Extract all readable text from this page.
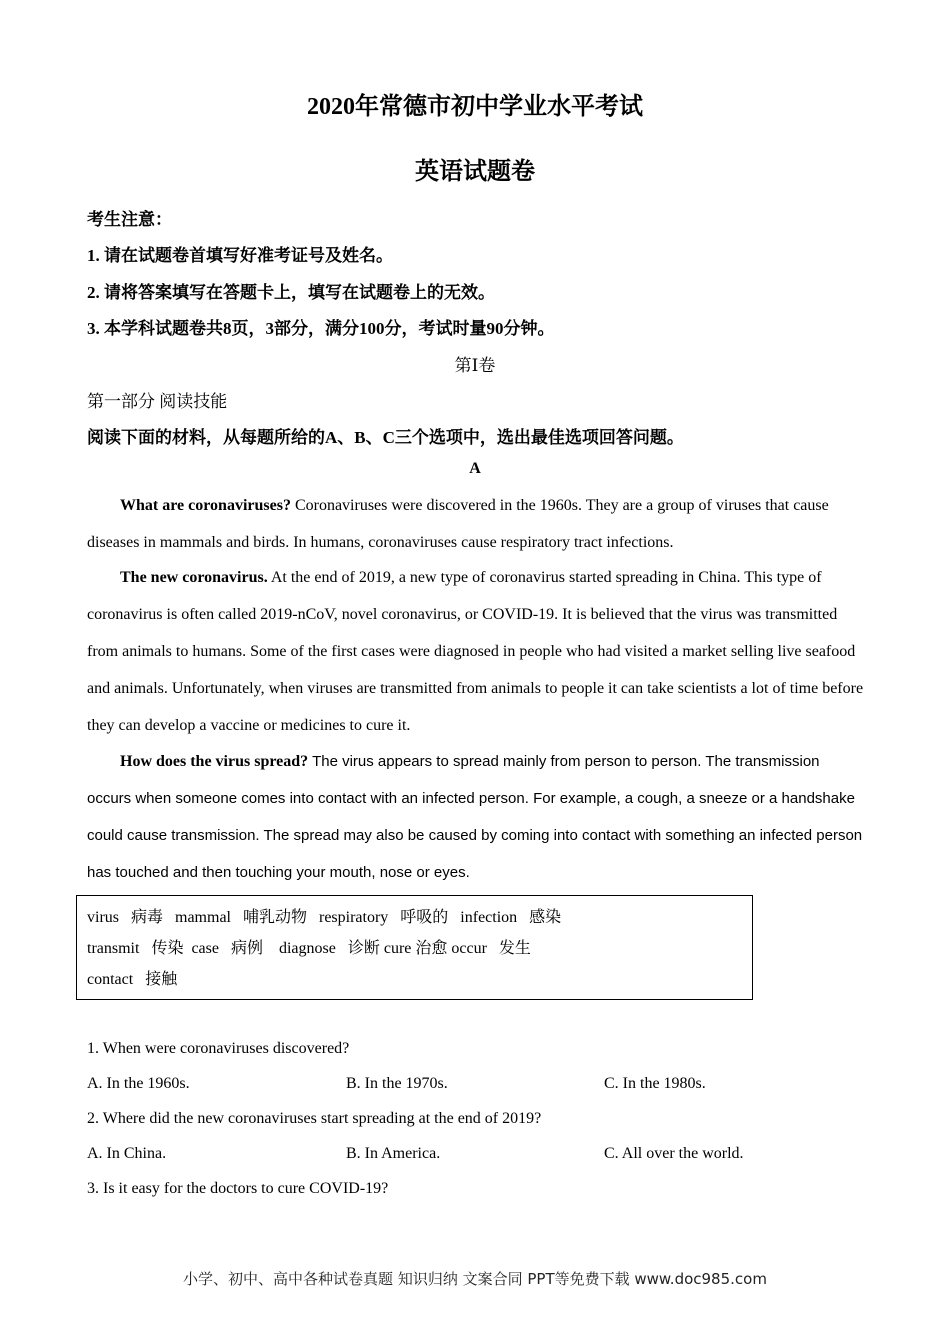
2020年常德市初中学业水平考试
英语试题卷
考生注意：
1. 请在试题卷首填写好准考证号及姓名。
2. 请将答案填写在答题卡上，填写在试题卷上的无效。
3. 本学科试题卷共8页，3部分，满分100分，考试时量90分钟。
第Ⅰ卷
第一部分 阅读技能
阅读下面的材料，从每题所给的A、B、C三个选项中，选出最佳选项回答问题。
A
What are coronaviruses? Coronaviruses were discovered in the 1960s. They are a group of viruses that cause diseases in mammals and birds. In humans, coronaviruses cause respiratory tract infections.
The new coronavirus. At the end of 2019, a new type of coronavirus started spreading in China. This type of coronavirus is often called 2019-nCoV, novel coronavirus, or COVID-19. It is believed that the virus was transmitted from animals to humans. Some of the first cases were diagnosed in people who had visited a market selling live seafood and animals. Unfortunately, when viruses are transmitted from animals to people it can take scientists a lot of time before they can develop a vaccine or medicines to cure it.
How does the virus spread? The virus appears to spread mainly from person to person. The transmission occurs when someone comes into contact with an infected person. For example, a cough, a sneeze or a handshake could cause transmission. The spread may also be caused by coming into contact with something an infected person has touched and then touching your mouth, nose or eyes.
virus   病毒   mammal   哺乳动物   respiratory   呼吸的   infection   感染
transmit   传染  case   病例    diagnose   诊断 cure 治愈 occur   发生
contact   接触
1. When were coronaviruses discovered?
A. In the 1960s.	B. In the 1970s.	C. In the 1980s.
2. Where did the new coronaviruses start spreading at the end of 2019?
A. In China.	B. In America.	C. All over the world.
3. Is it easy for the doctors to cure COVID-19?
小学、初中、高中各种试卷真题 知识归纳 文案合同 PPT等免费下载 www.doc985.com
